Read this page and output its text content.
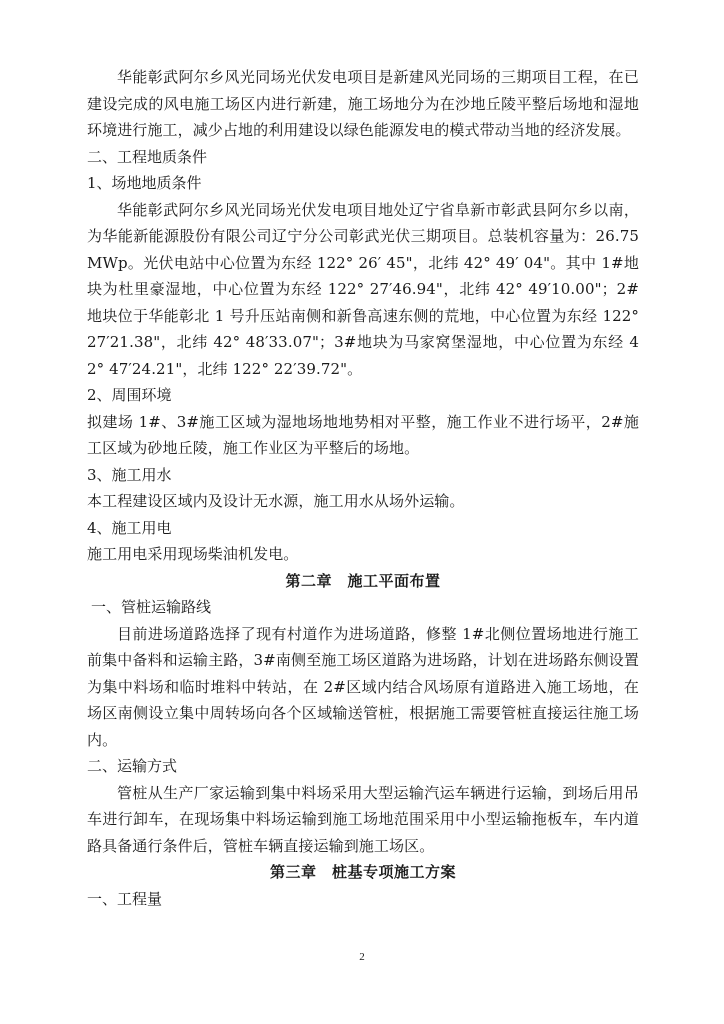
华能彰武阿尔乡风光同场光伏发电项目是新建风光同场的三期项目工程，在已建设完成的风电施工场区内进行新建，施工场地分为在沙地丘陵平整后场地和湿地环境进行施工，减少占地的利用建设以绿色能源发电的模式带动当地的经济发展。

二、工程地质条件

1、场地地质条件

华能彰武阿尔乡风光同场光伏发电项目地处辽宁省阜新市彰武县阿尔乡以南，为华能新能源股份有限公司辽宁分公司彰武光伏三期项目。总装机容量为：26.75MWp。光伏电站中心位置为东经 122° 26′ 45"，北纬 42° 49′ 04"。其中 1#地块为杜里豪湿地，中心位置为东经 122° 27′46.94"，北纬 42° 49′10.00"；2#地块位于华能彰北 1 号升压站南侧和新鲁高速东侧的荒地，中心位置为东经 122° 27′21.38"，北纬 42° 48′33.07"；3#地块为马家窝堡湿地，中心位置为东经 42° 47′24.21"，北纬 122° 22′39.72"。

2、周围环境

拟建场 1#、3#施工区域为湿地场地地势相对平整，施工作业不进行场平，2#施工区域为砂地丘陵，施工作业区为平整后的场地。

3、施工用水

本工程建设区域内及设计无水源，施工用水从场外运输。

4、施工用电

施工用电采用现场柴油机发电。

第二章　施工平面布置

一、管桩运输路线

目前进场道路选择了现有村道作为进场道路，修整 1#北侧位置场地进行施工前集中备料和运输主路，3#南侧至施工场区道路为进场路，计划在进场路东侧设置为集中料场和临时堆料中转站，在 2#区域内结合风场原有道路进入施工场地，在场区南侧设立集中周转场向各个区域输送管桩，根据施工需要管桩直接运往施工场内。

二、运输方式

管桩从生产厂家运输到集中料场采用大型运输汽运车辆进行运输，到场后用吊车进行卸车，在现场集中料场运输到施工场地范围采用中小型运输拖板车，车内道路具备通行条件后，管桩车辆直接运输到施工场区。

第三章　桩基专项施工方案

一、工程量

2
